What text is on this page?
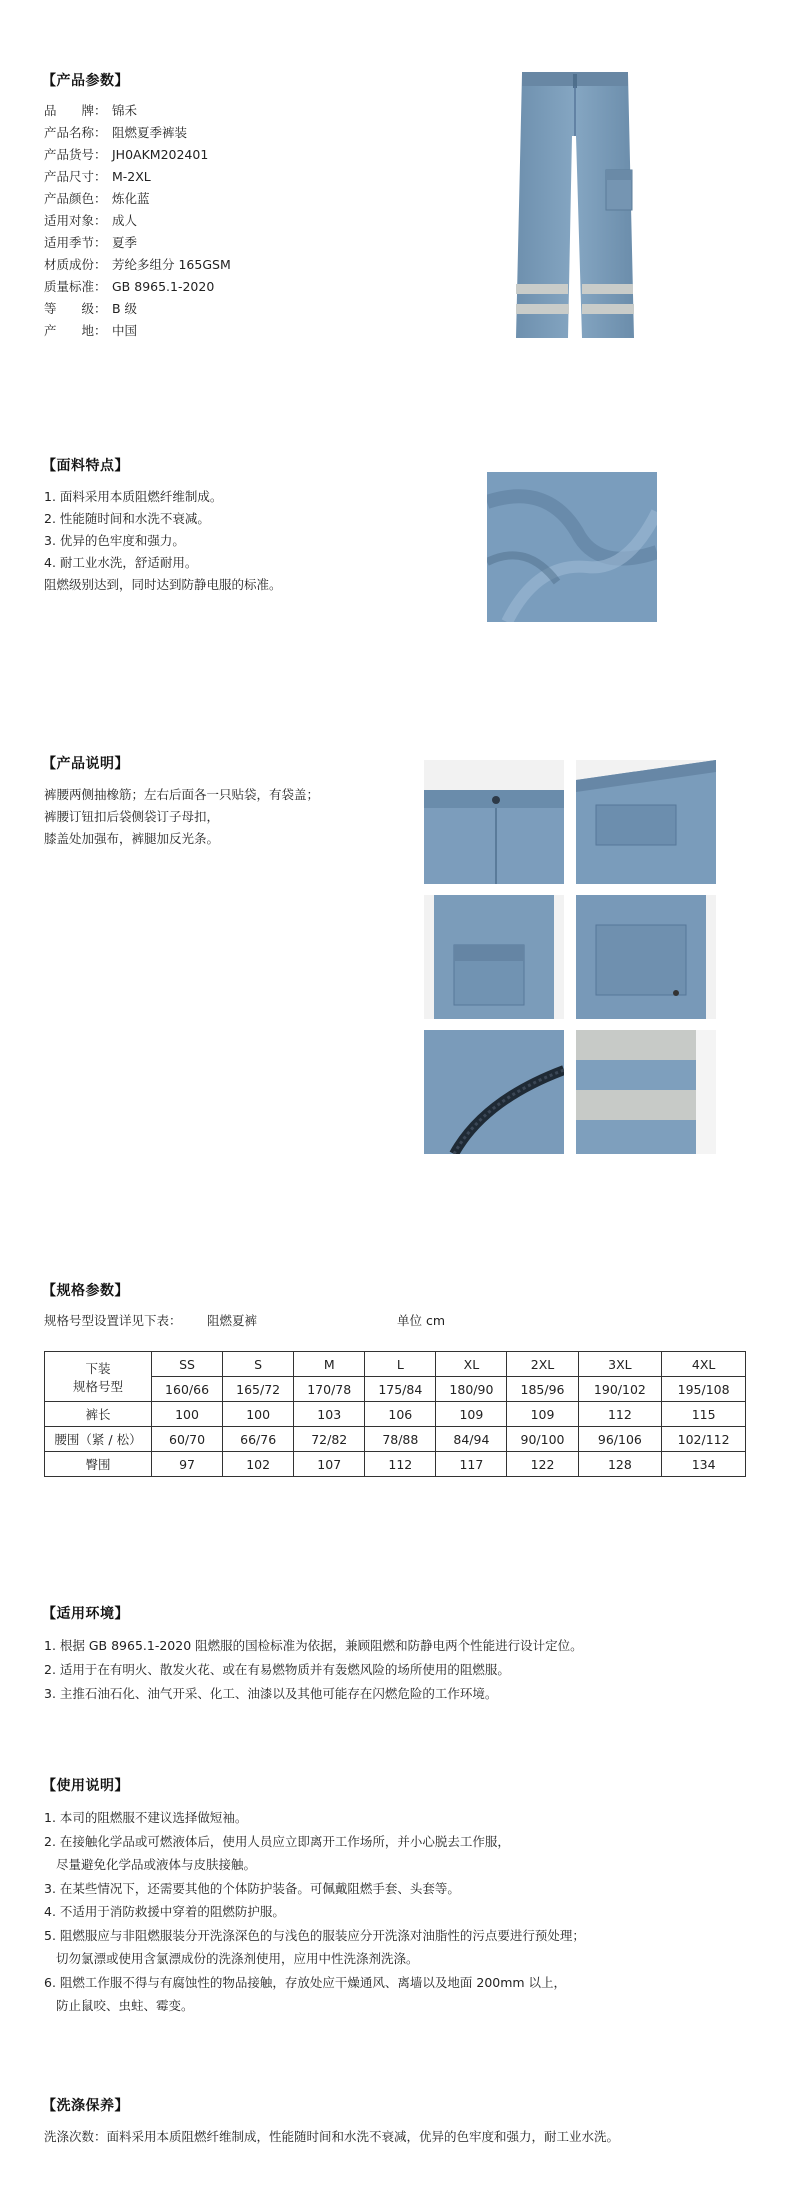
【产品参数】
品　　牌： 锦禾
产品名称： 阻燃夏季裤装
产品货号： JH0AKM202401
产品尺寸： M-2XL
产品颜色： 炼化蓝
适用对象： 成人
适用季节： 夏季
材质成份： 芳纶多组分 165GSM
质量标准： GB 8965.1-2020
等　　级： B 级
产　　地： 中国
【面料特点】
1. 面料采用本质阻燃纤维制成。
2. 性能随时间和水洗不衰减。
3. 优异的色牢度和强力。
4. 耐工业水洗，舒适耐用。
阻燃级别达到，同时达到防静电服的标准。
【产品说明】
裤腰两侧抽橡筋；左右后面各一只贴袋，有袋盖；
裤腰订钮扣后袋侧袋订子母扣，
膝盖处加强布，裤腿加反光条。
【规格参数】
规格号型设置详见下表： 阻燃夏裤	单位 cm
下装
规格号型	SS	S	M	L	XL	2XL	3XL	4XL
	160/66	165/72	170/78	175/84	180/90	185/96	190/102	195/108
裤长	100	100	103	106	109	109	112	115
腰围（紧 / 松）	60/70	66/76	72/82	78/88	84/94	90/100	96/106	102/112
臀围	97	102	107	112	117	122	128	134
【适用环境】
1. 根据 GB 8965.1-2020 阻燃服的国检标准为依据，兼顾阻燃和防静电两个性能进行设计定位。
2. 适用于在有明火、散发火花、或在有易燃物质并有轰燃风险的场所使用的阻燃服。
3. 主推石油石化、油气开采、化工、油漆以及其他可能存在闪燃危险的工作环境。
【使用说明】
1. 本司的阻燃服不建议选择做短袖。
2. 在接触化学品或可燃液体后，使用人员应立即离开工作场所，并小心脱去工作服，
尽量避免化学品或液体与皮肤接触。
3. 在某些情况下，还需要其他的个体防护装备。可佩戴阻燃手套、头套等。
4. 不适用于消防救援中穿着的阻燃防护服。
5. 阻燃服应与非阻燃服装分开洗涤深色的与浅色的服装应分开洗涤对油脂性的污点要进行预处理；
切勿氯漂或使用含氯漂成份的洗涤剂使用，应用中性洗涤剂洗涤。
6. 阻燃工作服不得与有腐蚀性的物品接触，存放处应干燥通风、离墙以及地面 200mm 以上，
防止鼠咬、虫蛀、霉变。
【洗涤保养】
洗涤次数：面料采用本质阻燃纤维制成，性能随时间和水洗不衰减，优异的色牢度和强力，耐工业水洗。
